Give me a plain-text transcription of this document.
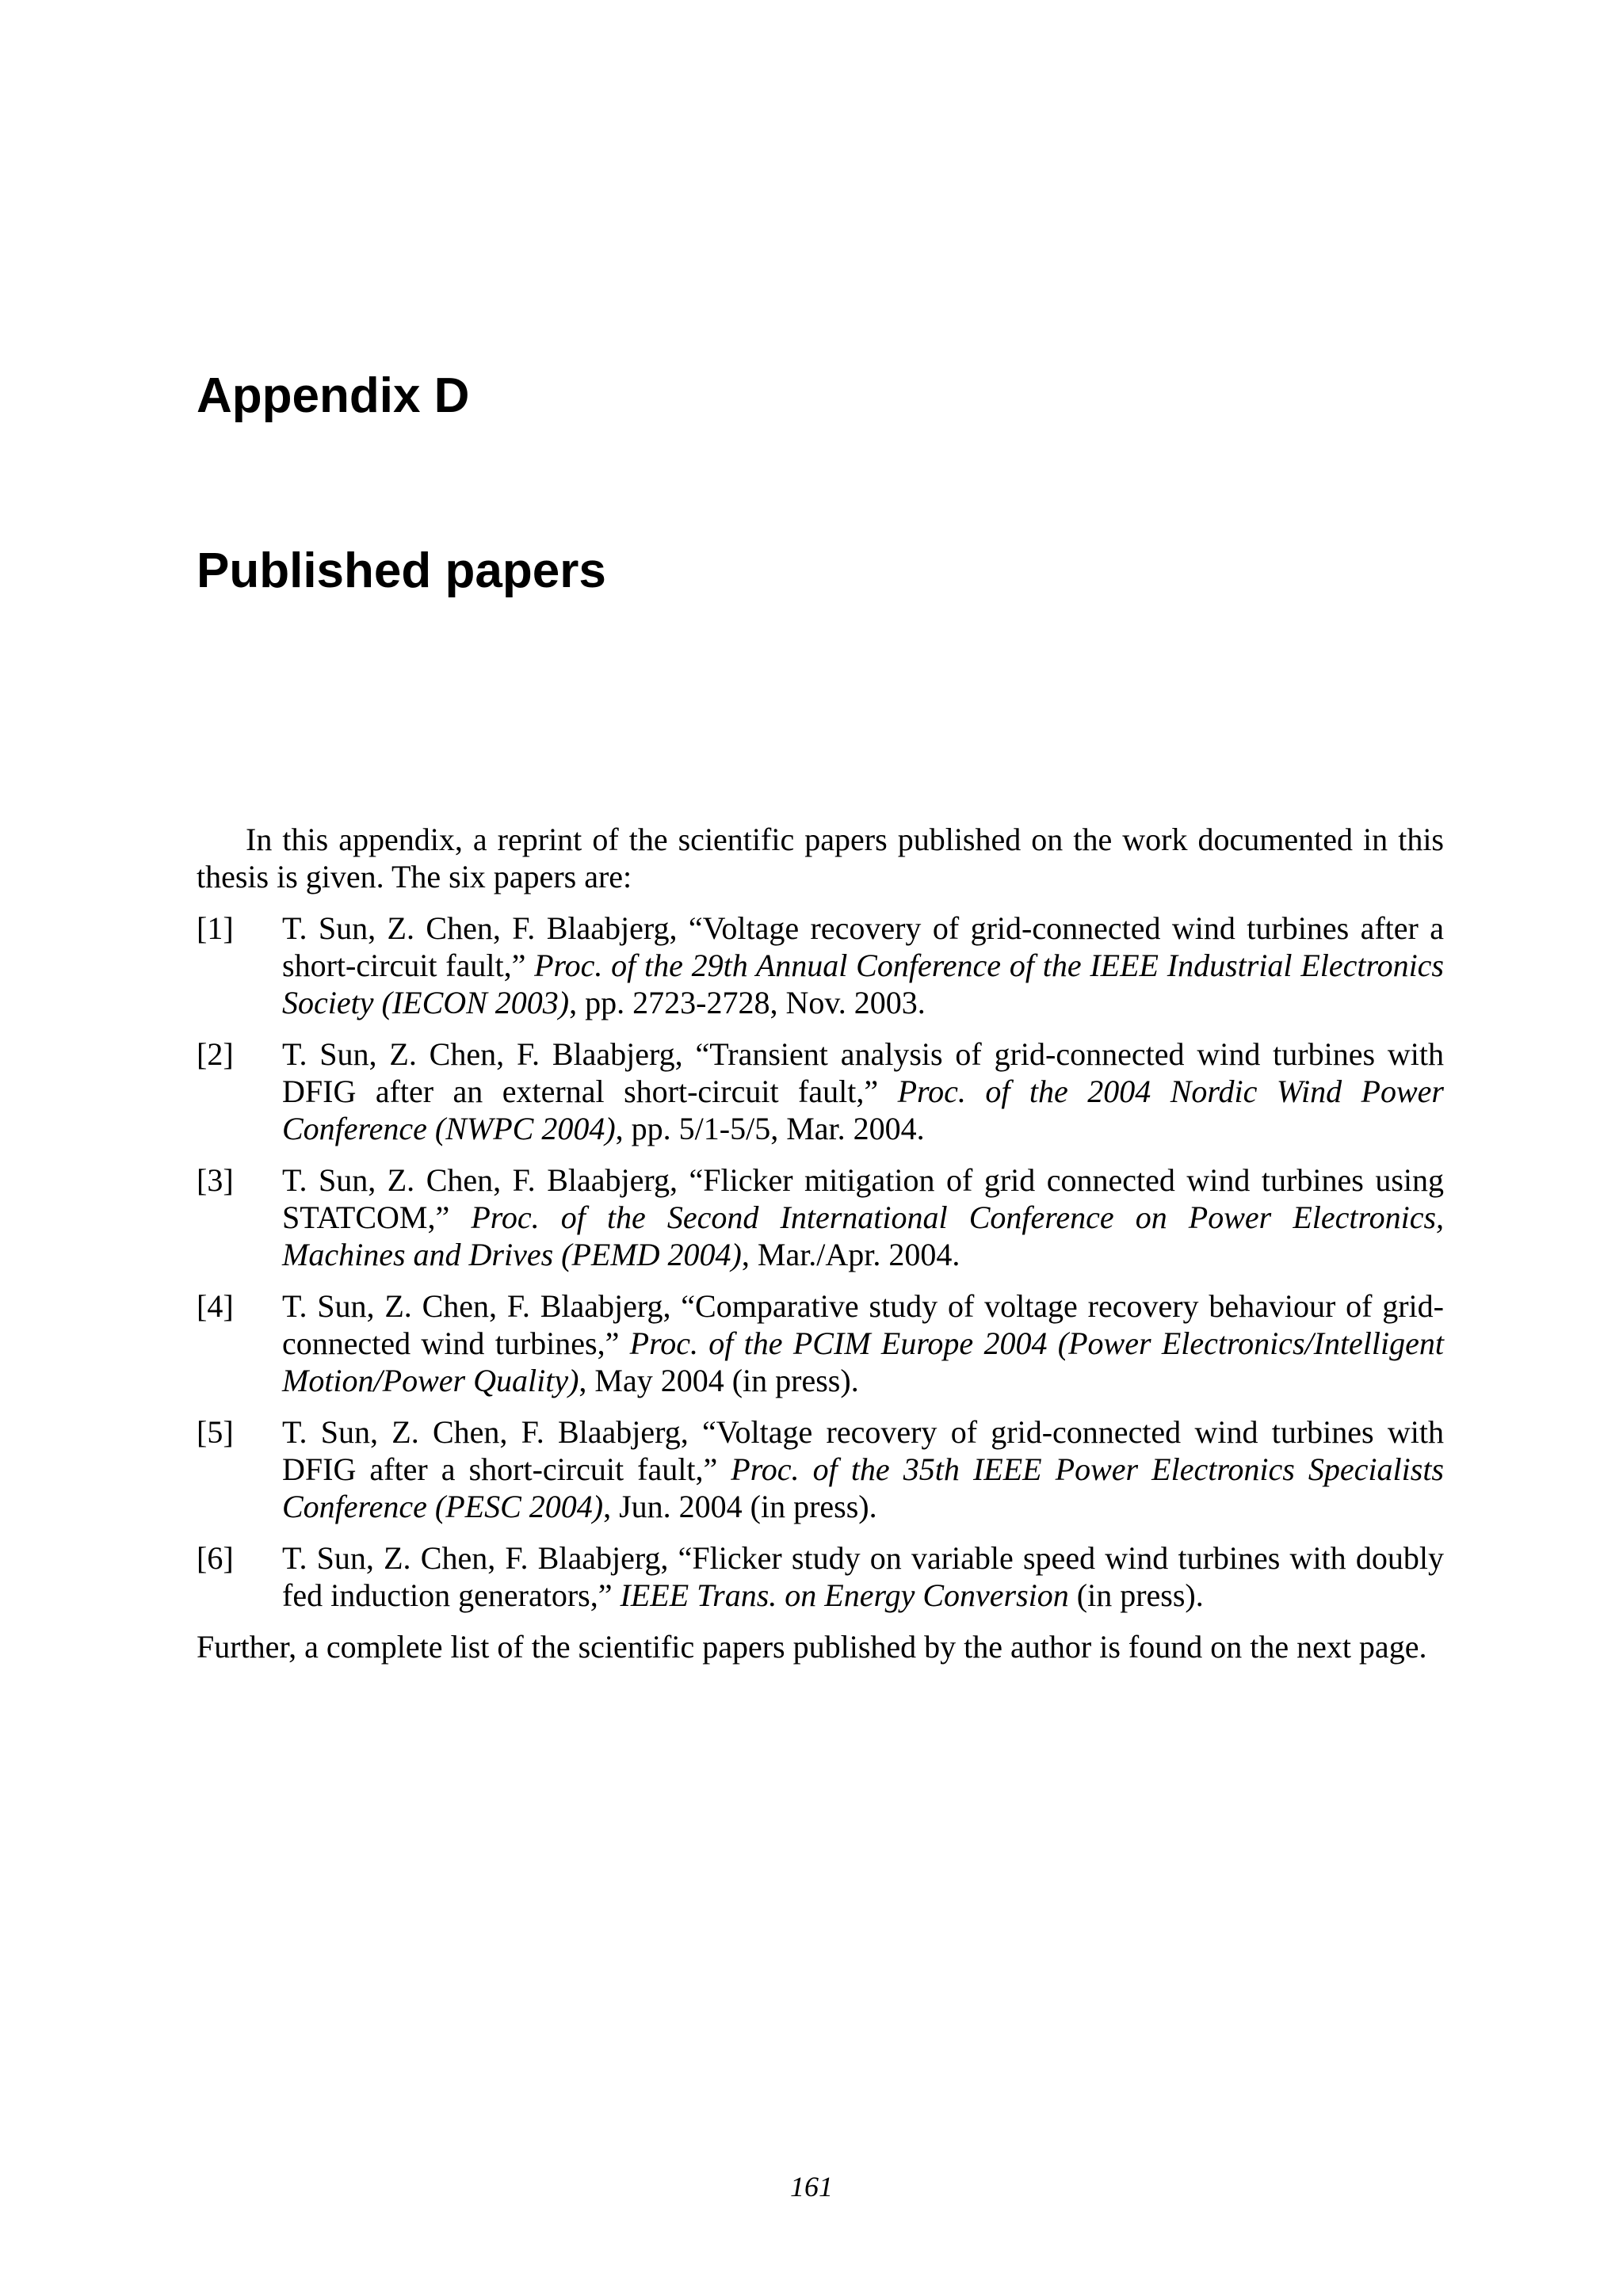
Appendix D
Published papers

In this appendix, a reprint of the scientific papers published on the work documented in this thesis is given. The six papers are:

[1] T. Sun, Z. Chen, F. Blaabjerg, “Voltage recovery of grid-connected wind turbines after a short-circuit fault,” Proc. of the 29th Annual Conference of the IEEE Industrial Electronics Society (IECON 2003), pp. 2723-2728, Nov. 2003.
[2] T. Sun, Z. Chen, F. Blaabjerg, “Transient analysis of grid-connected wind turbines with DFIG after an external short-circuit fault,” Proc. of the 2004 Nordic Wind Power Conference (NWPC 2004), pp. 5/1-5/5, Mar. 2004.
[3] T. Sun, Z. Chen, F. Blaabjerg, “Flicker mitigation of grid connected wind turbines using STATCOM,” Proc. of the Second International Conference on Power Electronics, Machines and Drives (PEMD 2004), Mar./Apr. 2004.
[4] T. Sun, Z. Chen, F. Blaabjerg, “Comparative study of voltage recovery behaviour of grid-connected wind turbines,” Proc. of the PCIM Europe 2004 (Power Electronics/Intelligent Motion/Power Quality), May 2004 (in press).
[5] T. Sun, Z. Chen, F. Blaabjerg, “Voltage recovery of grid-connected wind turbines with DFIG after a short-circuit fault,” Proc. of the 35th IEEE Power Electronics Specialists Conference (PESC 2004), Jun. 2004 (in press).
[6] T. Sun, Z. Chen, F. Blaabjerg, “Flicker study on variable speed wind turbines with doubly fed induction generators,” IEEE Trans. on Energy Conversion (in press).

Further, a complete list of the scientific papers published by the author is found on the next page.

161
